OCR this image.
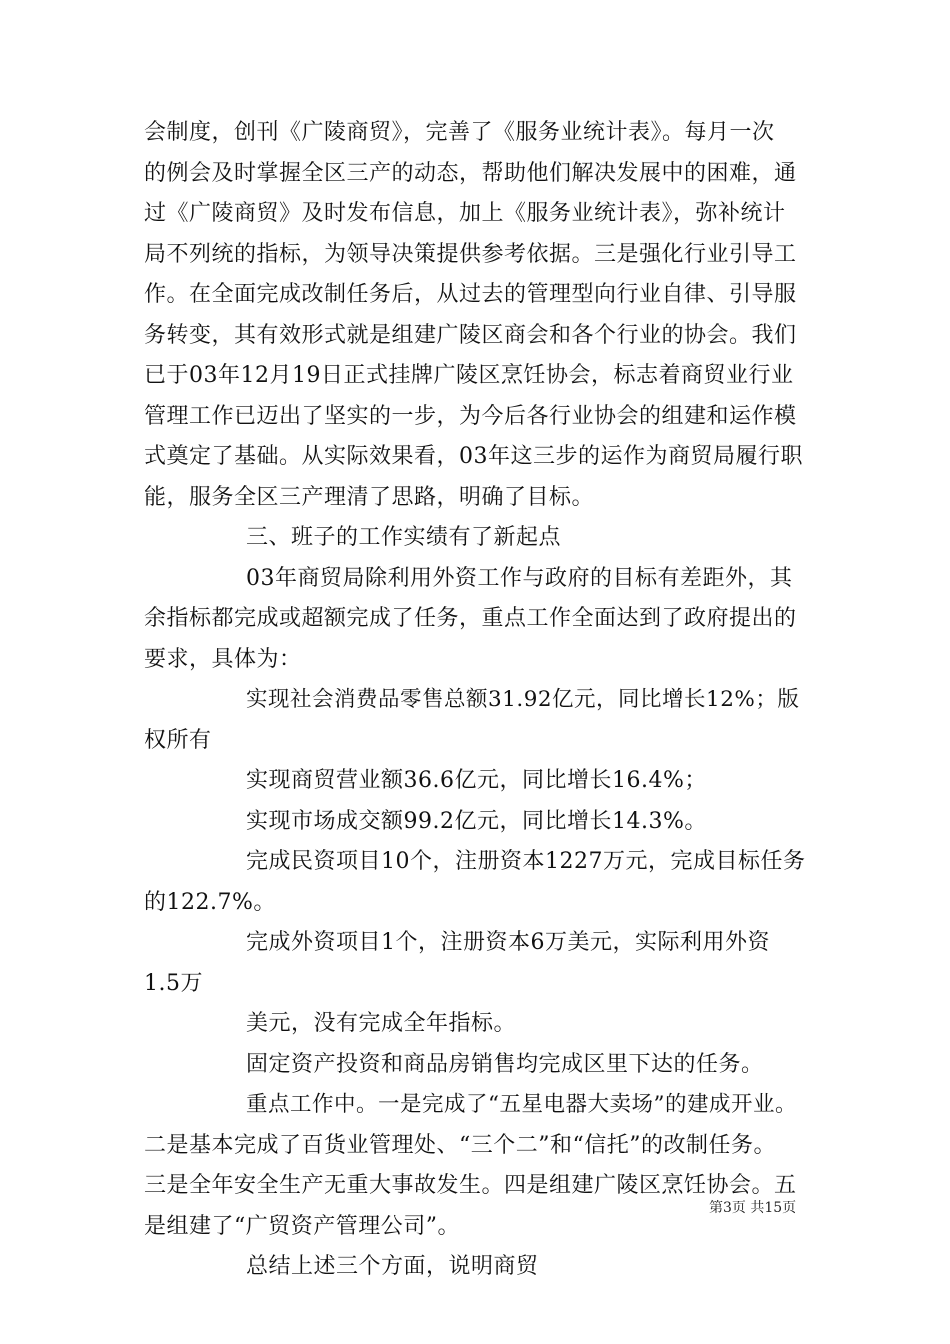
会制度，创刊《广陵商贸》，完善了《服务业统计表》。每月一次
的例会及时掌握全区三产的动态，帮助他们解决发展中的困难，通
过《广陵商贸》及时发布信息，加上《服务业统计表》，弥补统计
局不列统的指标，为领导决策提供参考依据。三是强化行业引导工
作。在全面完成改制任务后，从过去的管理型向行业自律、引导服
务转变，其有效形式就是组建广陵区商会和各个行业的协会。我们
已于03年12月19日正式挂牌广陵区烹饪协会，标志着商贸业行业
管理工作已迈出了坚实的一步，为今后各行业协会的组建和运作模
式奠定了基础。从实际效果看，03年这三步的运作为商贸局履行职
能，服务全区三产理清了思路，明确了目标。
三、班子的工作实绩有了新起点
03年商贸局除利用外资工作与政府的目标有差距外，其
余指标都完成或超额完成了任务，重点工作全面达到了政府提出的
要求，具体为：
实现社会消费品零售总额31.92亿元，同比增长12%；版
权所有
实现商贸营业额36.6亿元，同比增长16.4%；
实现市场成交额99.2亿元，同比增长14.3%。
完成民资项目10个，注册资本1227万元，完成目标任务
的122.7%。
完成外资项目1个，注册资本6万美元，实际利用外资
1.5万
美元，没有完成全年指标。
固定资产投资和商品房销售均完成区里下达的任务。
重点工作中。一是完成了“五星电器大卖场”的建成开业。
二是基本完成了百货业管理处、“三个二”和“信托”的改制任务。
三是全年安全生产无重大事故发生。四是组建广陵区烹饪协会。五
是组建了“广贸资产管理公司”。
总结上述三个方面，说明商贸
第3页 共15页
